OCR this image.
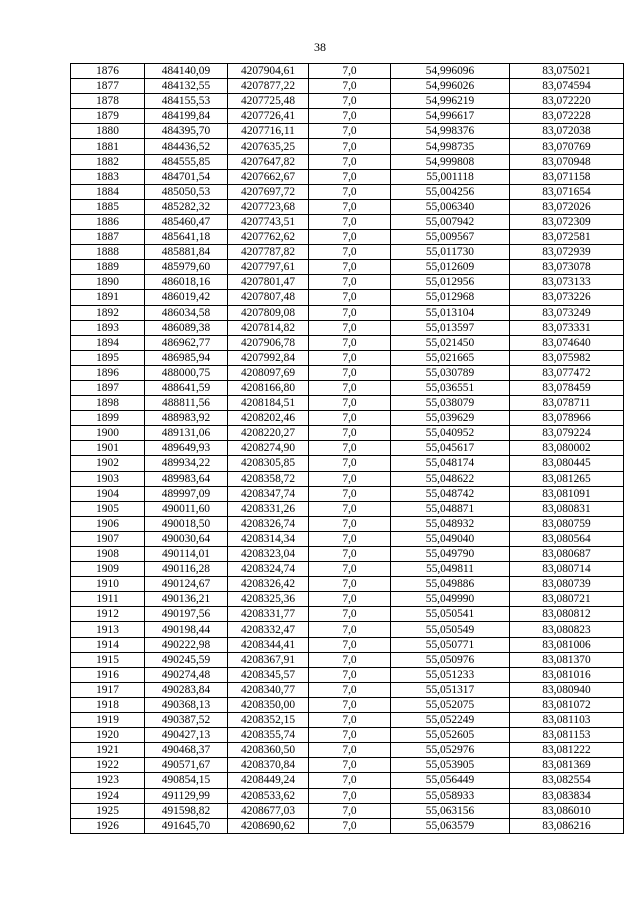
38
1876	484140,09	4207904,61	7,0	54,996096	83,075021
1877	484132,55	4207877,22	7,0	54,996026	83,074594
1878	484155,53	4207725,48	7,0	54,996219	83,072220
1879	484199,84	4207726,41	7,0	54,996617	83,072228
1880	484395,70	4207716,11	7,0	54,998376	83,072038
1881	484436,52	4207635,25	7,0	54,998735	83,070769
1882	484555,85	4207647,82	7,0	54,999808	83,070948
1883	484701,54	4207662,67	7,0	55,001118	83,071158
1884	485050,53	4207697,72	7,0	55,004256	83,071654
1885	485282,32	4207723,68	7,0	55,006340	83,072026
1886	485460,47	4207743,51	7,0	55,007942	83,072309
1887	485641,18	4207762,62	7,0	55,009567	83,072581
1888	485881,84	4207787,82	7,0	55,011730	83,072939
1889	485979,60	4207797,61	7,0	55,012609	83,073078
1890	486018,16	4207801,47	7,0	55,012956	83,073133
1891	486019,42	4207807,48	7,0	55,012968	83,073226
1892	486034,58	4207809,08	7,0	55,013104	83,073249
1893	486089,38	4207814,82	7,0	55,013597	83,073331
1894	486962,77	4207906,78	7,0	55,021450	83,074640
1895	486985,94	4207992,84	7,0	55,021665	83,075982
1896	488000,75	4208097,69	7,0	55,030789	83,077472
1897	488641,59	4208166,80	7,0	55,036551	83,078459
1898	488811,56	4208184,51	7,0	55,038079	83,078711
1899	488983,92	4208202,46	7,0	55,039629	83,078966
1900	489131,06	4208220,27	7,0	55,040952	83,079224
1901	489649,93	4208274,90	7,0	55,045617	83,080002
1902	489934,22	4208305,85	7,0	55,048174	83,080445
1903	489983,64	4208358,72	7,0	55,048622	83,081265
1904	489997,09	4208347,74	7,0	55,048742	83,081091
1905	490011,60	4208331,26	7,0	55,048871	83,080831
1906	490018,50	4208326,74	7,0	55,048932	83,080759
1907	490030,64	4208314,34	7,0	55,049040	83,080564
1908	490114,01	4208323,04	7,0	55,049790	83,080687
1909	490116,28	4208324,74	7,0	55,049811	83,080714
1910	490124,67	4208326,42	7,0	55,049886	83,080739
1911	490136,21	4208325,36	7,0	55,049990	83,080721
1912	490197,56	4208331,77	7,0	55,050541	83,080812
1913	490198,44	4208332,47	7,0	55,050549	83,080823
1914	490222,98	4208344,41	7,0	55,050771	83,081006
1915	490245,59	4208367,91	7,0	55,050976	83,081370
1916	490274,48	4208345,57	7,0	55,051233	83,081016
1917	490283,84	4208340,77	7,0	55,051317	83,080940
1918	490368,13	4208350,00	7,0	55,052075	83,081072
1919	490387,52	4208352,15	7,0	55,052249	83,081103
1920	490427,13	4208355,74	7,0	55,052605	83,081153
1921	490468,37	4208360,50	7,0	55,052976	83,081222
1922	490571,67	4208370,84	7,0	55,053905	83,081369
1923	490854,15	4208449,24	7,0	55,056449	83,082554
1924	491129,99	4208533,62	7,0	55,058933	83,083834
1925	491598,82	4208677,03	7,0	55,063156	83,086010
1926	491645,70	4208690,62	7,0	55,063579	83,086216
